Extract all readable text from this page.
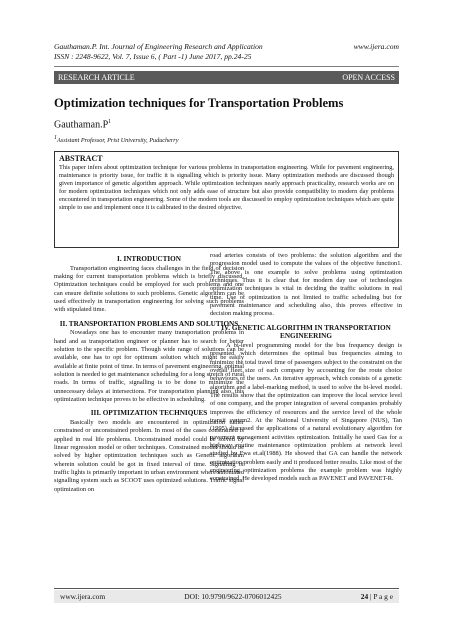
Gauthaman.P. Int. Journal of Engineering Research and Application	www.ijera.com
ISSN : 2248-9622, Vol. 7, Issue 6, ( Part -1) June 2017, pp.24-25
RESEARCH ARTICLE	OPEN ACCESS
Optimization techniques for Transportation Problems
$Gauthaman.P^1$
$^1$Assistant Professor, Prist University, Puducherry
ABSTRACT

This paper infers about optimization technique for various problems in transportation engineering. While for pavement engineering, maintenance is priority issue, for traffic it is signalling which is priority issue. Many optimization methods are discussed though given importance of genetic algorithm approach. While optimization techniques nearly approach practicality, research works are on for modern optimization techniques which not only adds ease of structure but also provide compatibility to modern day problems encountered in transportation engineering. Some of the modern tools are discussed to employ optimization techniques which are quite simple to use and implement once it is calibrated to the desired objective.

I. INTRODUCTION

Transportation engineering faces challenges in the field of decision making for current transportation problems which is briefly discussed. Optimization techniques could be employed for such problems and one can ensure definite solutions to such problems. Genetic algorithm can be used effectively in transportation engineering for solving such problems with stipulated time.

II. TRANSPORTATION PROBLEMS AND SOLUTIONS

Nowadays one has to encounter many transportation problems in hand and as transportation engineer or planner has to search for better solution to the specific problem. Though wide range of solutions can be available, one has to opt for optimum solution which might be easily available at finite point of time. In terms of pavement engineering, optimal solution is needed to get maintenance scheduling for a long stretch of rural roads. In terms of traffic, signalling is to be done to minimize the unnecessary delays at intersections. For transportation planning also, this optimization technique proves to be effective in scheduling.

III. OPTIMIZATION TECHNIQUES

Basically two models are encountered in optimization either constrained or unconstrained problem. In most of the cases constrained is applied in real life problems. Unconstrained model could be solved by linear regression model or other techniques. Constrained model should be solved by higher optimization techniques such as Genetic algorithm wherein solution could be got in fixed interval of time. Signalling of traffic lights is primarily important in urban environment where automated signalling system such as SCOOT uses optimized solutions. Traffic signal optimization on

road arteries consists of two problems: the solution algorithm and the progression model used to compute the values of the objective function1. The above is one example to solve problems using optimization techniques. Thus it is clear that for modern day use of technologies optimization techniques is vital in deciding the traffic solutions in real time. Use of optimization is not limited to traffic scheduling but for pavement maintenance and scheduling also, this proves effective in decision making process.

IV. GENETIC ALGORITHM IN TRANSPORTATION ENGINEERING

A bi-level programming model for the bus frequency design is presented, which determines the optimal bus frequencies aiming to minimize the total travel time of passengers subject to the constraint on the overall fleet size of each company by accounting for the route choice behaviours of the users. An iterative approach, which consists of a genetic algorithm and a label-marking method, is used to solve the bi-level model. The results show that the optimization can improve the local service level of one company, and the proper integration of several companies probably improves the efficiency of resources and the service level of the whole transit system2. At the National University of Singapore (NUS), Tan (1995) discussed the applications of a natural evolutionary algorithm for pavement management activities optimization. Initially he used Gas for a highway routine maintenance optimization problem at network level studied by Fwa et.al(1988). He showed that GA can handle the network optimization problem easily and it produced better results. Like most of the engineering optimization problems the example problem was highly constrained. He developed models such as PAVENET and PAVENET-R.

www.ijera.com	DOI: 10.9790/9622-0706012425	24 | P a g e
